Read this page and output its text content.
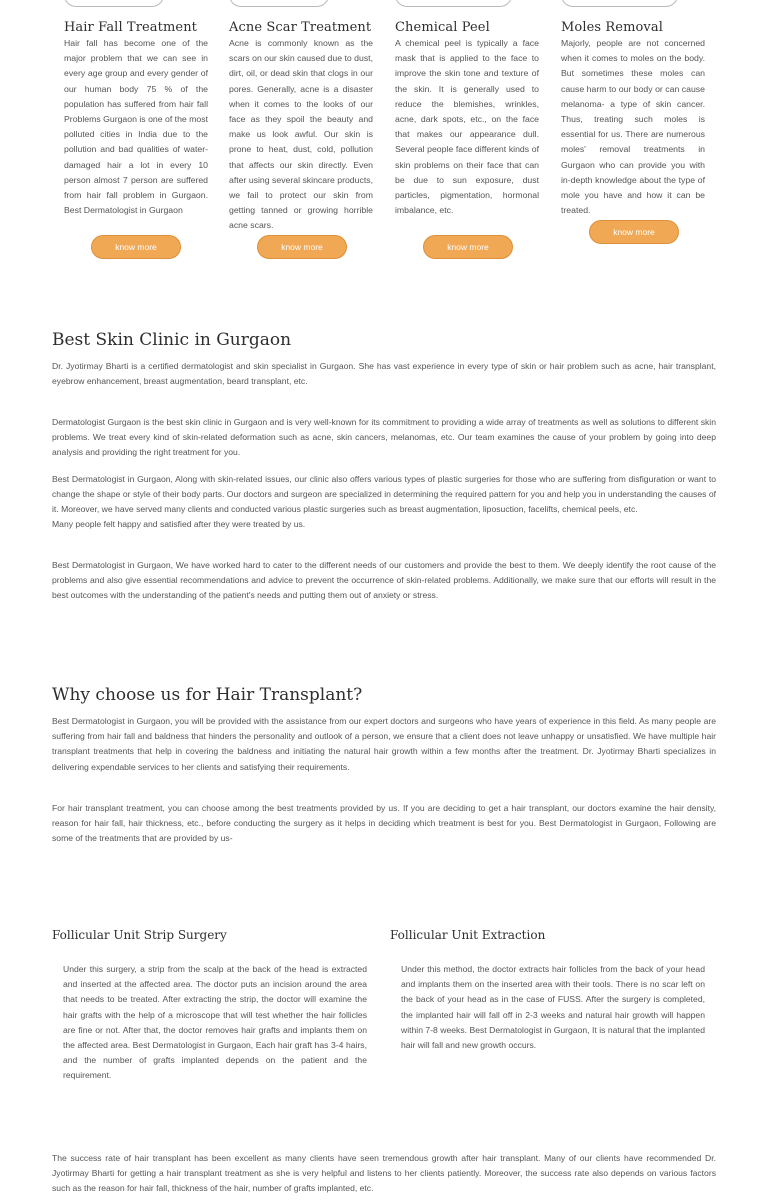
Hair Fall Treatment

Hair fall has become one of the major problem that we can see in every age group and every gender of our human body 75 % of the population has suffered from hair fall Problems Gurgaon is one of the most polluted cities in India due to the pollution and bad qualities of water-damaged hair a lot in every 10 person almost 7 person are suffered from hair fall problem in Gurgaon. Best Dermatologist in Gurgaon

know more
Acne Scar Treatment

Acne is commonly known as the scars on our skin caused due to dust, dirt, oil, or dead skin that clogs in our pores. Generally, acne is a disaster when it comes to the looks of our face as they spoil the beauty and make us look awful. Our skin is prone to heat, dust, cold, pollution that affects our skin directly. Even after using several skincare products, we fail to protect our skin from getting tanned or growing horrible acne scars.

know more
Chemical Peel

A chemical peel is typically a face mask that is applied to the face to improve the skin tone and texture of the skin. It is generally used to reduce the blemishes, wrinkles, acne, dark spots, etc., on the face that makes our appearance dull. Several people face different kinds of skin problems on their face that can be due to sun exposure, dust particles, pigmentation, hormonal imbalance, etc.

know more
Moles Removal

Majorly, people are not concerned when it comes to moles on the body. But sometimes these moles can cause harm to our body or can cause melanoma- a type of skin cancer. Thus, treating such moles is essential for us. There are numerous moles' removal treatments in Gurgaon who can provide you with in-depth knowledge about the type of mole you have and how it can be treated.

know more
Best Skin Clinic in Gurgaon

Dr. Jyotirmay Bharti is a certified dermatologist and skin specialist in Gurgaon. She has vast experience in every type of skin or hair problem such as acne, hair transplant, eyebrow enhancement, breast augmentation, beard transplant, etc.

Dermatologist Gurgaon is the best skin clinic in Gurgaon and is very well-known for its commitment to providing a wide array of treatments as well as solutions to different skin problems. We treat every kind of skin-related deformation such as acne, skin cancers, melanomas, etc. Our team examines the cause of your problem by going into deep analysis and providing the right treatment for you.

Best Dermatologist in Gurgaon, Along with skin-related issues, our clinic also offers various types of plastic surgeries for those who are suffering from disfiguration or want to change the shape or style of their body parts. Our doctors and surgeon are specialized in determining the required pattern for you and help you in understanding the causes of it. Moreover, we have served many clients and conducted various plastic surgeries such as breast augmentation, liposuction, facelifts, chemical peels, etc.

Many people felt happy and satisfied after they were treated by us.

Best Dermatologist in Gurgaon, We have worked hard to cater to the different needs of our customers and provide the best to them. We deeply identify the root cause of the problems and also give essential recommendations and advice to prevent the occurrence of skin-related problems. Additionally, we make sure that our efforts will result in the best outcomes with the understanding of the patient's needs and putting them out of anxiety or stress.

Why choose us for Hair Transplant?

Best Dermatologist in Gurgaon, you will be provided with the assistance from our expert doctors and surgeons who have years of experience in this field. As many people are suffering from hair fall and baldness that hinders the personality and outlook of a person, we ensure that a client does not leave unhappy or unsatisfied. We have multiple hair transplant treatments that help in covering the baldness and initiating the natural hair growth within a few months after the treatment. Dr. Jyotirmay Bharti specializes in delivering expendable services to her clients and satisfying their requirements.

For hair transplant treatment, you can choose among the best treatments provided by us. If you are deciding to get a hair transplant, our doctors examine the hair density, reason for hair fall, hair thickness, etc., before conducting the surgery as it helps in deciding which treatment is best for you. Best Dermatologist in Gurgaon, Following are some of the treatments that are provided by us-

Follicular Unit Strip Surgery

Under this surgery, a strip from the scalp at the back of the head is extracted and inserted at the affected area. The doctor puts an incision around the area that needs to be treated. After extracting the strip, the doctor will examine the hair grafts with the help of a microscope that will test whether the hair follicles are fine or not. After that, the doctor removes hair grafts and implants them on the affected area. Best Dermatologist in Gurgaon, Each hair graft has 3-4 hairs, and the number of grafts implanted depends on the patient and the requirement.

Follicular Unit Extraction

Under this method, the doctor extracts hair follicles from the back of your head and implants them on the inserted area with their tools. There is no scar left on the back of your head as in the case of FUSS. After the surgery is completed, the implanted hair will fall off in 2-3 weeks and natural hair growth will happen within 7-8 weeks. Best Dermatologist in Gurgaon, It is natural that the implanted hair will fall and new growth occurs.

The success rate of hair transplant has been excellent as many clients have seen tremendous growth after hair transplant. Many of our clients have recommended Dr. Jyotirmay Bharti for getting a hair transplant treatment as she is very helpful and listens to her clients patiently. Moreover, the success rate also depends on various factors such as the reason for hair fall, thickness of the hair, number of grafts implanted, etc.
